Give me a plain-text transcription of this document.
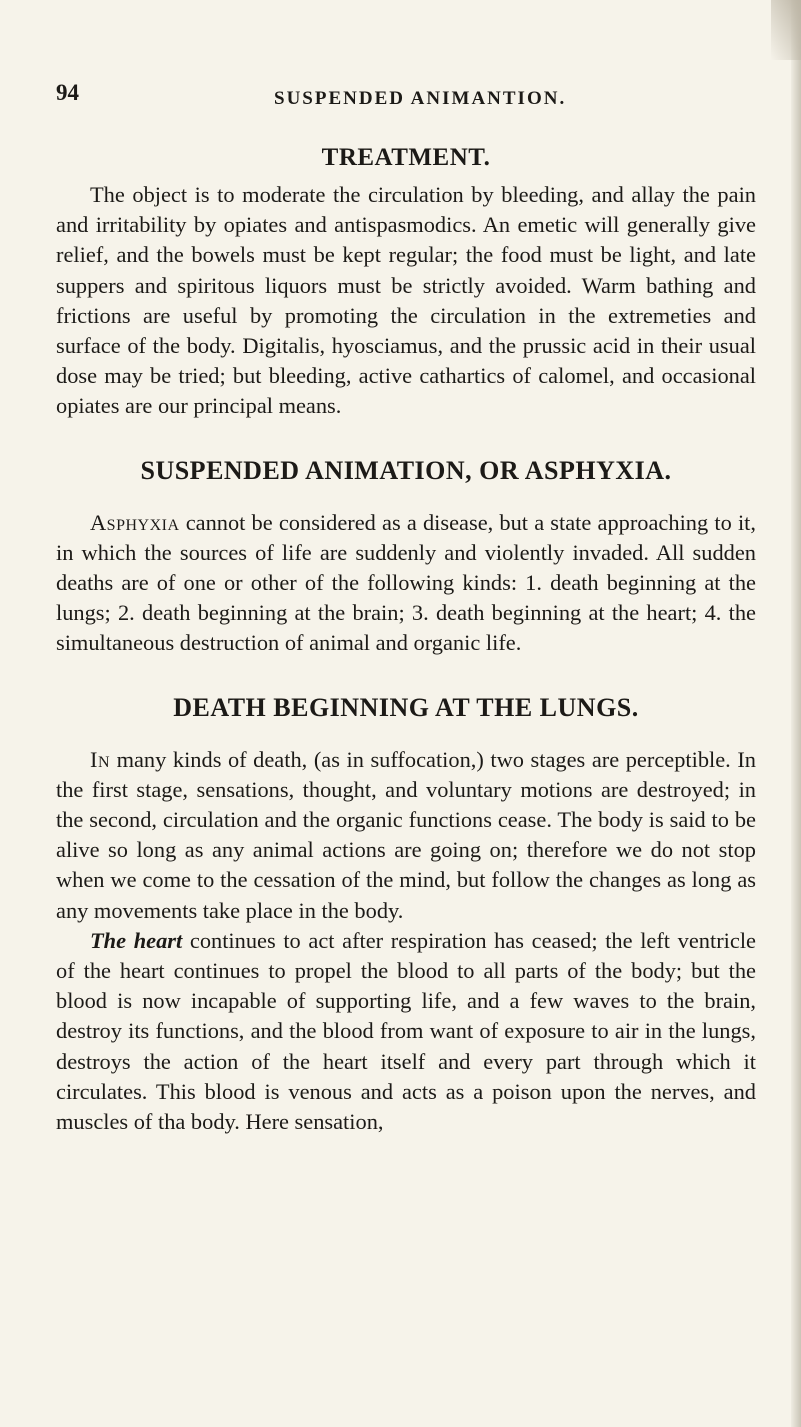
94	SUSPENDED ANIMANTION.
TREATMENT.

The object is to moderate the circulation by bleeding, and allay the pain and irritability by opiates and antispasmodics. An emetic will generally give relief, and the bowels must be kept regular; the food must be light, and late suppers and spiritous liquors must be strictly avoided. Warm bathing and frictions are useful by promoting the circulation in the extremeties and surface of the body. Digitalis, hyosciamus, and the prussic acid in their usual dose may be tried; but bleeding, active cathartics of calomel, and occasional opiates are our principal means.

SUSPENDED ANIMATION, OR ASPHYXIA.

Asphyxia cannot be considered as a disease, but a state approaching to it, in which the sources of life are suddenly and violently invaded. All sudden deaths are of one or other of the following kinds: 1. death beginning at the lungs; 2. death beginning at the brain; 3. death beginning at the heart; 4. the simultaneous destruction of animal and organic life.

DEATH BEGINNING AT THE LUNGS.

In many kinds of death, (as in suffocation,) two stages are perceptible. In the first stage, sensations, thought, and voluntary motions are destroyed; in the second, circulation and the organic functions cease. The body is said to be alive so long as any animal actions are going on; therefore we do not stop when we come to the cessation of the mind, but follow the changes as long as any movements take place in the body.

The heart continues to act after respiration has ceased; the left ventricle of the heart continues to propel the blood to all parts of the body; but the blood is now incapable of supporting life, and a few waves to the brain, destroy its functions, and the blood from want of exposure to air in the lungs, destroys the action of the heart itself and every part through which it circulates. This blood is venous and acts as a poison upon the nerves, and muscles of tha body. Here sensation,
